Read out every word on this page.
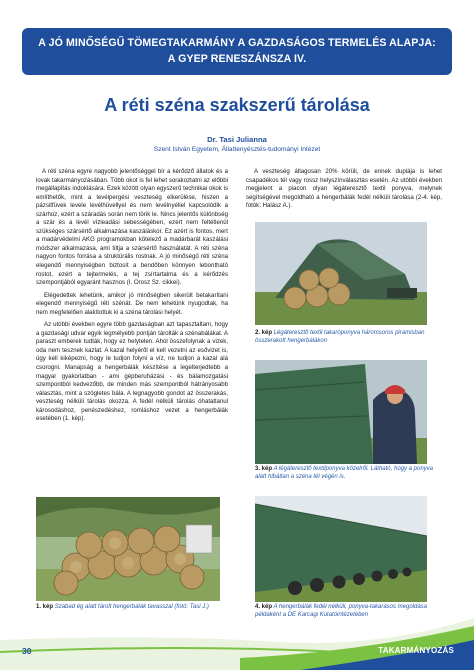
A JÓ MINŐSÉGŰ TÖMEGTAKARMÁNY A GAZDASÁGOS TERMELÉS ALAPJA:
A GYEP RENESZÁNSZA IV.
A réti széna szakszerű tárolása
Dr. Tasi Julianna
Szent István Egyetem, Állattenyésztés-tudományi Intézet

A réti széna egyre nagyobb jelentőséggel bír a kérődző állatok és a lovak takarmányozásában. Több okot is fel lehet sorakoztatni az előbbi megállapítás indoklására. Ezek között olyan egyszerű technikai okok is említhetők, mint a levélpergési veszteség elkerülése, hiszen a pázsitfüvek levele levélhüvellyel és nem levélnyéllel kapcsolódik a szárhoz, ezért a száradás során nem törik le. Nincs jelentős különbség a szár és a levél vízleadási sebességében, ezért nem feltétlenül szükséges szársértő alkalmazása kaszáláskor. Ez azért is fontos, mert a madárvédelmi AKG programokban kötelező a madárbarát kaszálási módszer alkalmazása, ami tiltja a szársértő használatát. A réti széna nagyon fontos forrása a struktúrális rostnak. A jó minőségű réti széna elegendő mennyiségben biztosít a bendőben könnyen lebontható rostot, ezért a tejtermelés, a tej zsírtartalma és a kérődzés szempontjából egyaránt hasznos (I. Orosz Sz. cikkei).

Elégedettek lehetünk, amikor jó minőségben sikerült betakarítani elegendő mennyiségű réti szénát. De nem lehetünk nyugodtak, ha nem megfelelően alakítottuk ki a széna tárolási helyét.

Az utóbbi években egyre több gazdaságban azt tapasztaltam, hogy a gazdasági udvar egyik legmélyebb pontján tárolták a szénabálákat. A paraszt emberek tudták, hogy ez helytelen. Ahol összefolynak a vizek, oda nem tesznek kazlat. A kazal helyéről el kell vezetni az esővizet is, úgy kell kiképezni, hogy le tudjon folyni a víz, ne tudjon a kazal alá csorogni. Manapság a hengerbálák készítése a legelterjedtebb a magyar gyakorlatban - ami gépberuházási - és bálamozgatási szempontból kedvezőbb, de minden más szempontból hátrányosabb választás, mint a szögletes bála. A legnagyobb gondot az összerakás, veszteség nélküli tárolás okozza. A fedél nélküli tárolás óhatatlanul károsodáshoz, penészedéshez, romláshoz vezet a hengerbálák esetében (1. kép).

A veszteség átlagosan 20% körüli, de ennek duplája is lehet csapadékos tél vagy rossz helyszínválasztás esetén. Az utóbbi években megjelent a piacon olyan légáteresztő textil ponyva, melynek segítségével megoldható a hengerbálák fedél nélküli tárolása (2-4. kép, fotók: Halász A.).
1. kép Szabad ég alatt tárolt hengerbálák tavasszal (fotó: Tasi J.)
2. kép Légáteresztő textil takaróponyva háromsoros piramisban összerakott hengerbálákon
3. kép A légáteresztő textilponyva közelről. Látható, hogy a ponyva alatt hibátlan a széna tél végén is.
4. kép A hengerbálák fedél nélküli, ponyva-takarásos megoldása példaként a DE Karcagi Kutatóintézetében
30	TAKARMÁNYOZÁS
